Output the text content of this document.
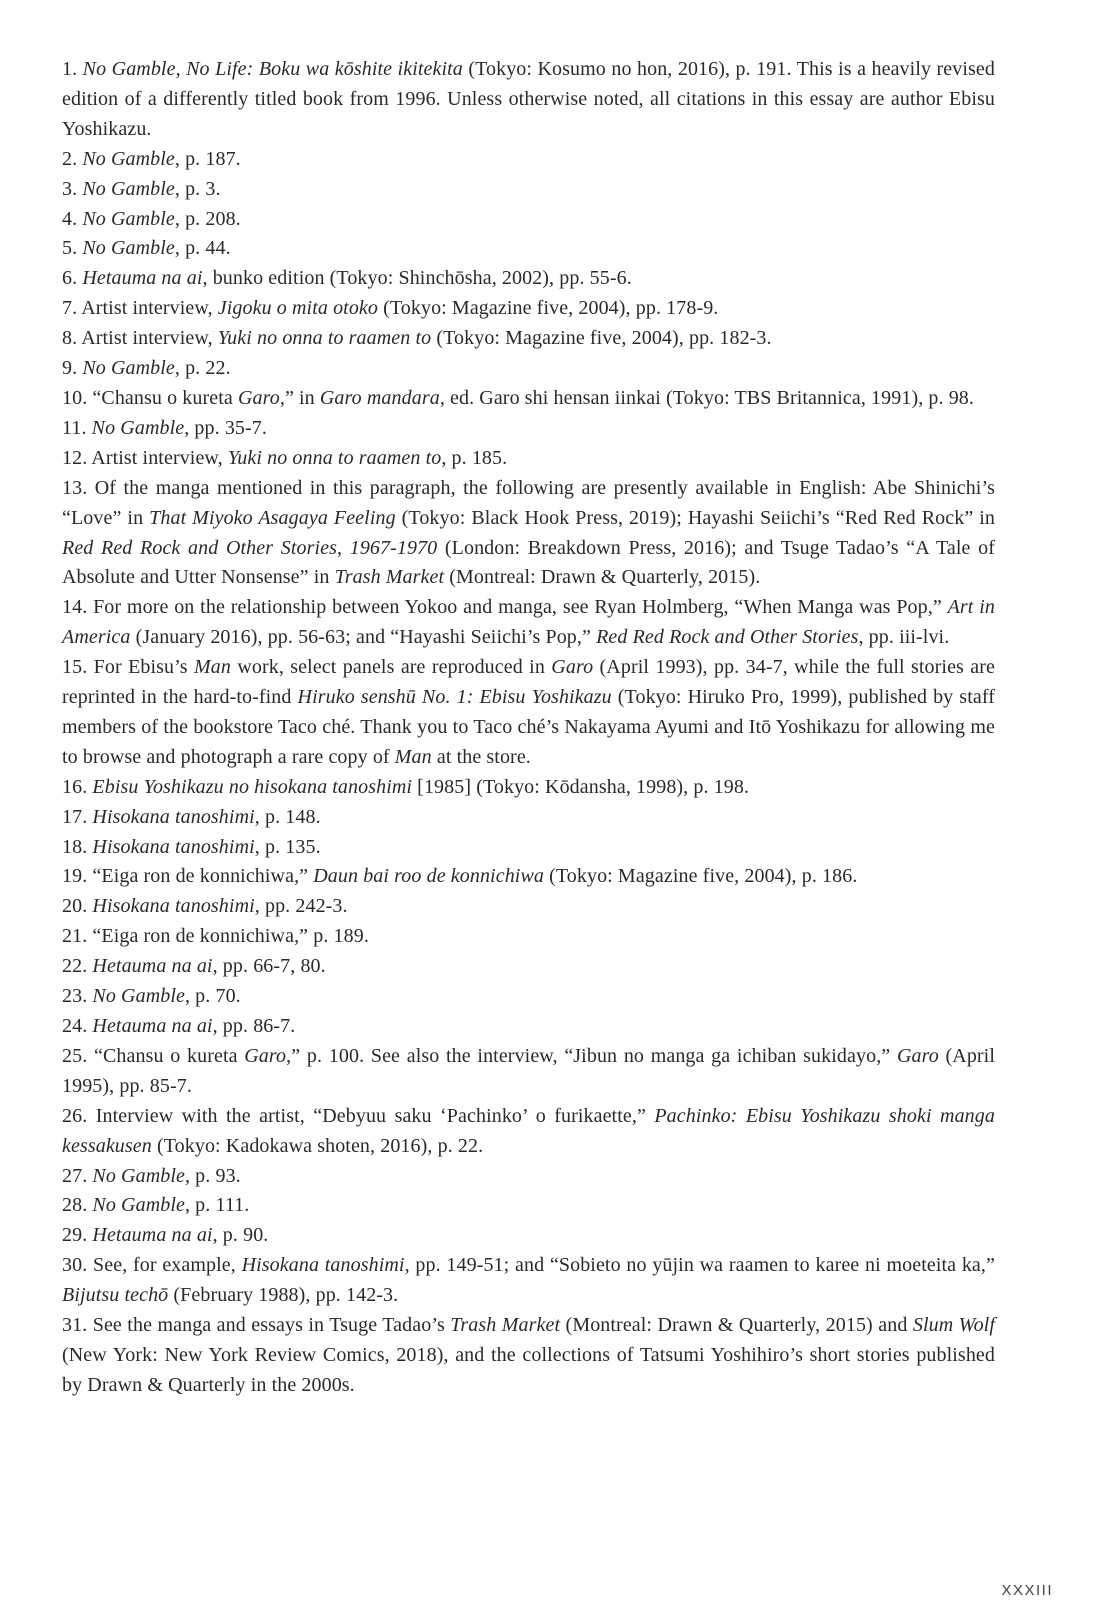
1. No Gamble, No Life: Boku wa kōshite ikitekita (Tokyo: Kosumo no hon, 2016), p. 191. This is a heavily revised edition of a differently titled book from 1996. Unless otherwise noted, all citations in this essay are author Ebisu Yoshikazu.

2. No Gamble, p. 187.

3. No Gamble, p. 3.

4. No Gamble, p. 208.

5. No Gamble, p. 44.

6. Hetauma na ai, bunko edition (Tokyo: Shinchōsha, 2002), pp. 55-6.

7. Artist interview, Jigoku o mita otoko (Tokyo: Magazine five, 2004), pp. 178-9.

8. Artist interview, Yuki no onna to raamen to (Tokyo: Magazine five, 2004), pp. 182-3.

9. No Gamble, p. 22.

10. “Chansu o kureta Garo,” in Garo mandara, ed. Garo shi hensan iinkai (Tokyo: TBS Britannica, 1991), p. 98.

11. No Gamble, pp. 35-7.

12. Artist interview, Yuki no onna to raamen to, p. 185.

13. Of the manga mentioned in this paragraph, the following are presently available in English: Abe Shinichi’s “Love” in That Miyoko Asagaya Feeling (Tokyo: Black Hook Press, 2019); Hayashi Seiichi’s “Red Red Rock” in Red Red Rock and Other Stories, 1967-1970 (London: Breakdown Press, 2016); and Tsuge Tadao’s “A Tale of Absolute and Utter Nonsense” in Trash Market (Montreal: Drawn & Quarterly, 2015).

14. For more on the relationship between Yokoo and manga, see Ryan Holmberg, “When Manga was Pop,” Art in America (January 2016), pp. 56-63; and “Hayashi Seiichi’s Pop,” Red Red Rock and Other Stories, pp. iii-lvi.

15. For Ebisu’s Man work, select panels are reproduced in Garo (April 1993), pp. 34-7, while the full stories are reprinted in the hard-to-find Hiruko senshū No. 1: Ebisu Yoshikazu (Tokyo: Hiruko Pro, 1999), published by staff members of the bookstore Taco ché. Thank you to Taco ché’s Nakayama Ayumi and Itō Yoshikazu for allowing me to browse and photograph a rare copy of Man at the store.

16. Ebisu Yoshikazu no hisokana tanoshimi [1985] (Tokyo: Kōdansha, 1998), p. 198.

17. Hisokana tanoshimi, p. 148.

18. Hisokana tanoshimi, p. 135.

19. “Eiga ron de konnichiwa,” Daun bai roo de konnichiwa (Tokyo: Magazine five, 2004), p. 186.

20. Hisokana tanoshimi, pp. 242-3.

21. “Eiga ron de konnichiwa,” p. 189.

22. Hetauma na ai, pp. 66-7, 80.

23. No Gamble, p. 70.

24. Hetauma na ai, pp. 86-7.

25. “Chansu o kureta Garo,” p. 100. See also the interview, “Jibun no manga ga ichiban sukidayo,” Garo (April 1995), pp. 85-7.

26. Interview with the artist, “Debyuu saku ‘Pachinko’ o furikaette,” Pachinko: Ebisu Yoshikazu shoki manga kessakusen (Tokyo: Kadokawa shoten, 2016), p. 22.

27. No Gamble, p. 93.

28. No Gamble, p. 111.

29. Hetauma na ai, p. 90.

30. See, for example, Hisokana tanoshimi, pp. 149-51; and “Sobieto no yūjin wa raamen to karee ni moeteita ka,” Bijutsu techō (February 1988), pp. 142-3.

31. See the manga and essays in Tsuge Tadao’s Trash Market (Montreal: Drawn & Quarterly, 2015) and Slum Wolf (New York: New York Review Comics, 2018), and the collections of Tatsumi Yoshihiro’s short stories published by Drawn & Quarterly in the 2000s.

XXXIII
